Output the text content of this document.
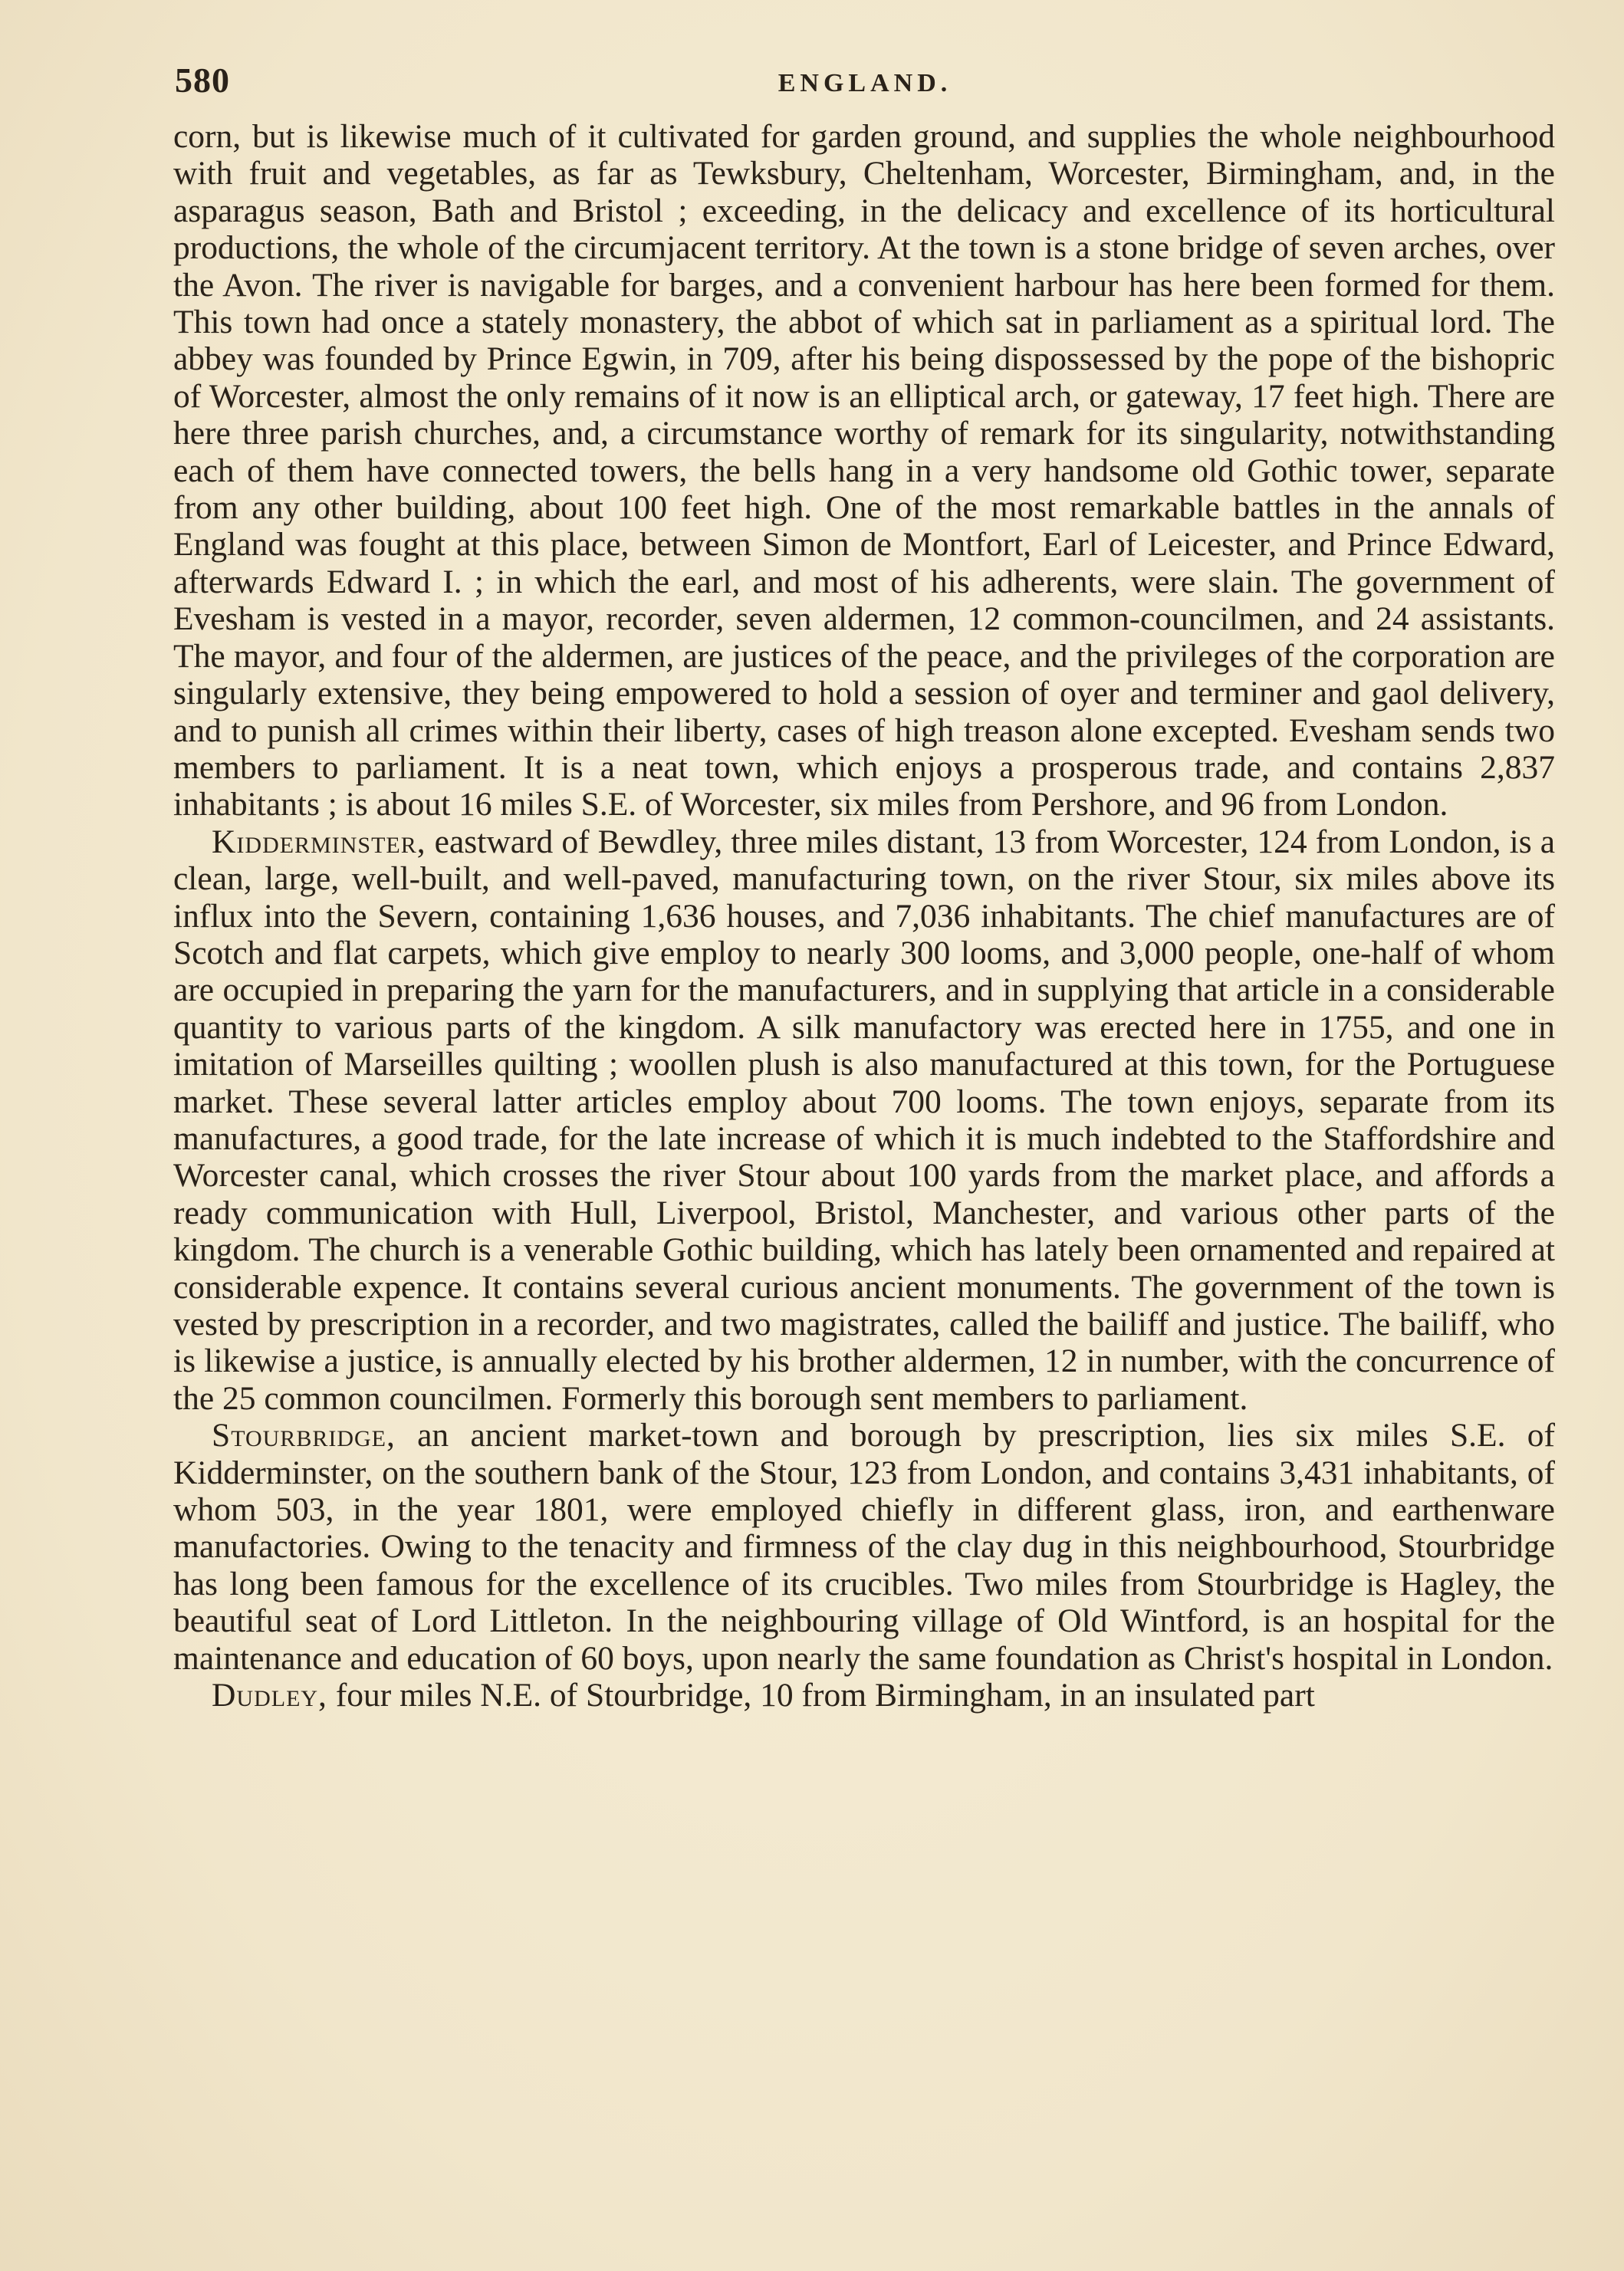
580	ENGLAND.

corn, but is likewise much of it cultivated for garden ground, and supplies the whole neighbourhood with fruit and vegetables, as far as Tewksbury, Cheltenham, Worcester, Birmingham, and, in the asparagus season, Bath and Bristol ; exceeding, in the delicacy and excellence of its horticultural productions, the whole of the circumjacent territory. At the town is a stone bridge of seven arches, over the Avon. The river is navigable for barges, and a convenient harbour has here been formed for them. This town had once a stately monastery, the abbot of which sat in parliament as a spiritual lord. The abbey was founded by Prince Egwin, in 709, after his being dispossessed by the pope of the bishopric of Worcester, almost the only remains of it now is an elliptical arch, or gateway, 17 feet high. There are here three parish churches, and, a circumstance worthy of remark for its singularity, notwithstanding each of them have connected towers, the bells hang in a very handsome old Gothic tower, separate from any other building, about 100 feet high. One of the most remarkable battles in the annals of England was fought at this place, between Simon de Montfort, Earl of Leicester, and Prince Edward, afterwards Edward I. ; in which the earl, and most of his adherents, were slain. The government of Evesham is vested in a mayor, recorder, seven aldermen, 12 common-councilmen, and 24 assistants. The mayor, and four of the aldermen, are justices of the peace, and the privileges of the corporation are singularly extensive, they being empowered to hold a session of oyer and terminer and gaol delivery, and to punish all crimes within their liberty, cases of high treason alone excepted. Evesham sends two members to parliament. It is a neat town, which enjoys a prosperous trade, and contains 2,837 inhabitants ; is about 16 miles S.E. of Worcester, six miles from Pershore, and 96 from London.

Kidderminster, eastward of Bewdley, three miles distant, 13 from Worcester, 124 from London, is a clean, large, well-built, and well-paved, manufacturing town, on the river Stour, six miles above its influx into the Severn, containing 1,636 houses, and 7,036 inhabitants. The chief manufactures are of Scotch and flat carpets, which give employ to nearly 300 looms, and 3,000 people, one-half of whom are occupied in preparing the yarn for the manufacturers, and in supplying that article in a considerable quantity to various parts of the kingdom. A silk manufactory was erected here in 1755, and one in imitation of Marseilles quilting ; woollen plush is also manufactured at this town, for the Portuguese market. These several latter articles employ about 700 looms. The town enjoys, separate from its manufactures, a good trade, for the late increase of which it is much indebted to the Staffordshire and Worcester canal, which crosses the river Stour about 100 yards from the market place, and affords a ready communication with Hull, Liverpool, Bristol, Manchester, and various other parts of the kingdom. The church is a venerable Gothic building, which has lately been ornamented and repaired at considerable expence. It contains several curious ancient monuments. The government of the town is vested by prescription in a recorder, and two magistrates, called the bailiff and justice. The bailiff, who is likewise a justice, is annually elected by his brother aldermen, 12 in number, with the concurrence of the 25 common councilmen. Formerly this borough sent members to parliament.

Stourbridge, an ancient market-town and borough by prescription, lies six miles S.E. of Kidderminster, on the southern bank of the Stour, 123 from London, and contains 3,431 inhabitants, of whom 503, in the year 1801, were employed chiefly in different glass, iron, and earthenware manufactories. Owing to the tenacity and firmness of the clay dug in this neighbourhood, Stourbridge has long been famous for the excellence of its crucibles. Two miles from Stourbridge is Hagley, the beautiful seat of Lord Littleton. In the neighbouring village of Old Wintford, is an hospital for the maintenance and education of 60 boys, upon nearly the same foundation as Christ's hospital in London.

Dudley, four miles N.E. of Stourbridge, 10 from Birmingham, in an insulated part
